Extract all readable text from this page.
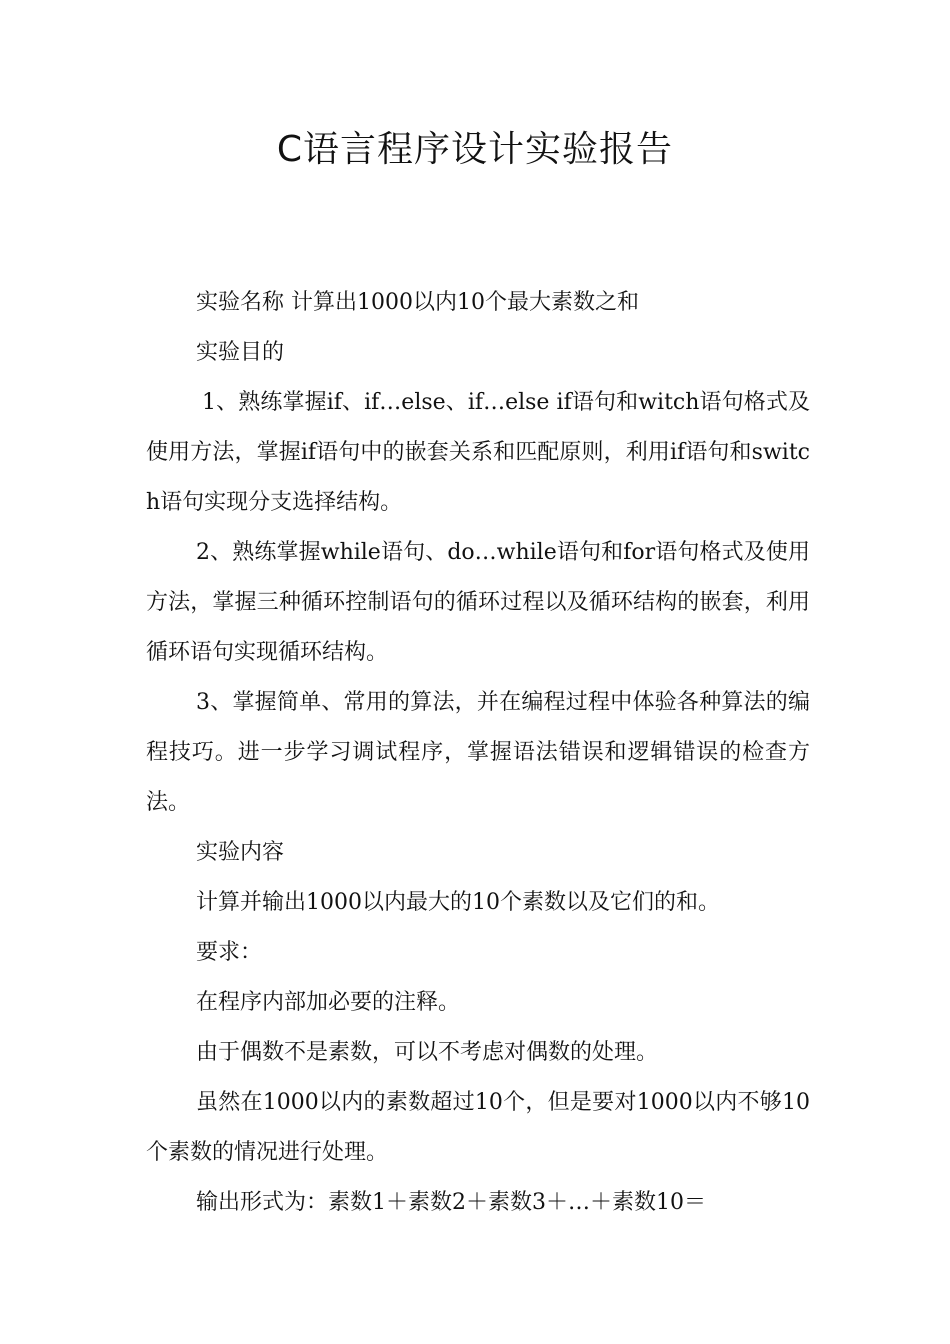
C语言程序设计实验报告

实验名称 计算出1000以内10个最大素数之和

实验目的

1、熟练掌握if、if…else、if…else if语句和witch语句格式及使用方法，掌握if语句中的嵌套关系和匹配原则，利用if语句和switch语句实现分支选择结构。

2、熟练掌握while语句、do…while语句和for语句格式及使用方法，掌握三种循环控制语句的循环过程以及循环结构的嵌套，利用循环语句实现循环结构。

3、掌握简单、常用的算法，并在编程过程中体验各种算法的编程技巧。进一步学习调试程序，掌握语法错误和逻辑错误的检查方法。

实验内容

计算并输出1000以内最大的10个素数以及它们的和。

要求：

在程序内部加必要的注释。

由于偶数不是素数，可以不考虑对偶数的处理。

虽然在1000以内的素数超过10个，但是要对1000以内不够10个素数的情况进行处理。

输出形式为：素数1＋素数2＋素数3＋…＋素数10＝
